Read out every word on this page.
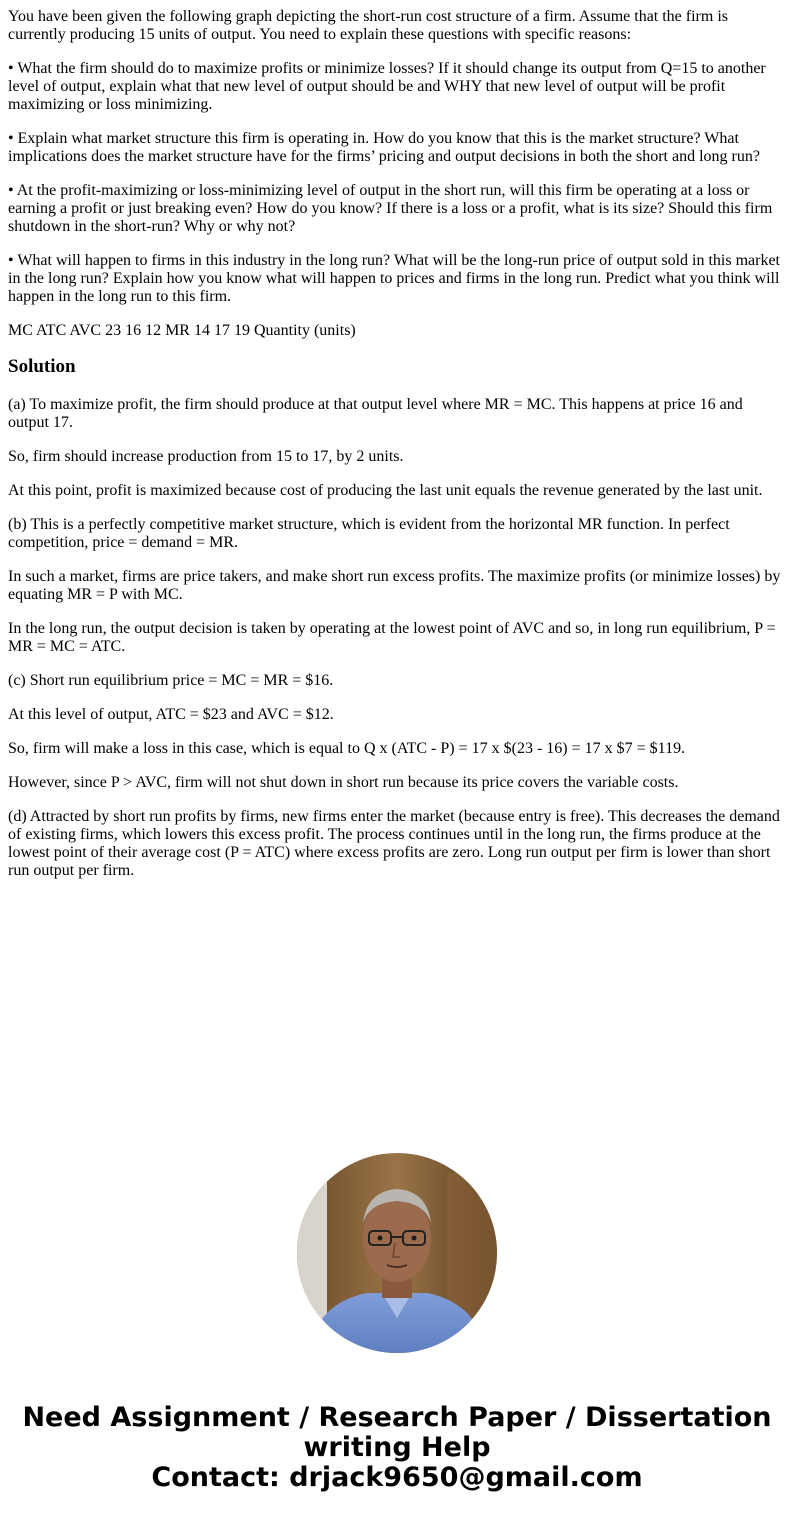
You have been given the following graph depicting the short-run cost structure of a firm. Assume that the firm is currently producing 15 units of output. You need to explain these questions with specific reasons:

• What the firm should do to maximize profits or minimize losses? If it should change its output from Q=15 to another level of output, explain what that new level of output should be and WHY that new level of output will be profit maximizing or loss minimizing.

• Explain what market structure this firm is operating in. How do you know that this is the market structure? What implications does the market structure have for the firms’ pricing and output decisions in both the short and long run?

• At the profit-maximizing or loss-minimizing level of output in the short run, will this firm be operating at a loss or earning a profit or just breaking even? How do you know? If there is a loss or a profit, what is its size? Should this firm shutdown in the short-run? Why or why not?

• What will happen to firms in this industry in the long run? What will be the long-run price of output sold in this market in the long run? Explain how you know what will happen to prices and firms in the long run. Predict what you think will happen in the long run to this firm.

MC ATC AVC 23 16 12 MR 14 17 19 Quantity (units)

Solution

(a) To maximize profit, the firm should produce at that output level where MR = MC. This happens at price 16 and output 17.

So, firm should increase production from 15 to 17, by 2 units.

At this point, profit is maximized because cost of producing the last unit equals the revenue generated by the last unit.

(b) This is a perfectly competitive market structure, which is evident from the horizontal MR function. In perfect competition, price = demand = MR.

In such a market, firms are price takers, and make short run excess profits. The maximize profits (or minimize losses) by equating MR = P with MC.

In the long run, the output decision is taken by operating at the lowest point of AVC and so, in long run equilibrium, P = MR = MC = ATC.

(c) Short run equilibrium price = MC = MR = $16.

At this level of output, ATC = $23 and AVC = $12.

So, firm will make a loss in this case, which is equal to Q x (ATC - P) = 17 x $(23 - 16) = 17 x $7 = $119.

However, since P > AVC, firm will not shut down in short run because its price covers the variable costs.

(d) Attracted by short run profits by firms, new firms enter the market (because entry is free). This decreases the demand of existing firms, which lowers this excess profit. The process continues until in the long run, the firms produce at the lowest point of their average cost (P = ATC) where excess profits are zero. Long run output per firm is lower than short run output per firm.

Need Assignment / Research Paper / Dissertation
writing Help
Contact: drjack9650@gmail.com
